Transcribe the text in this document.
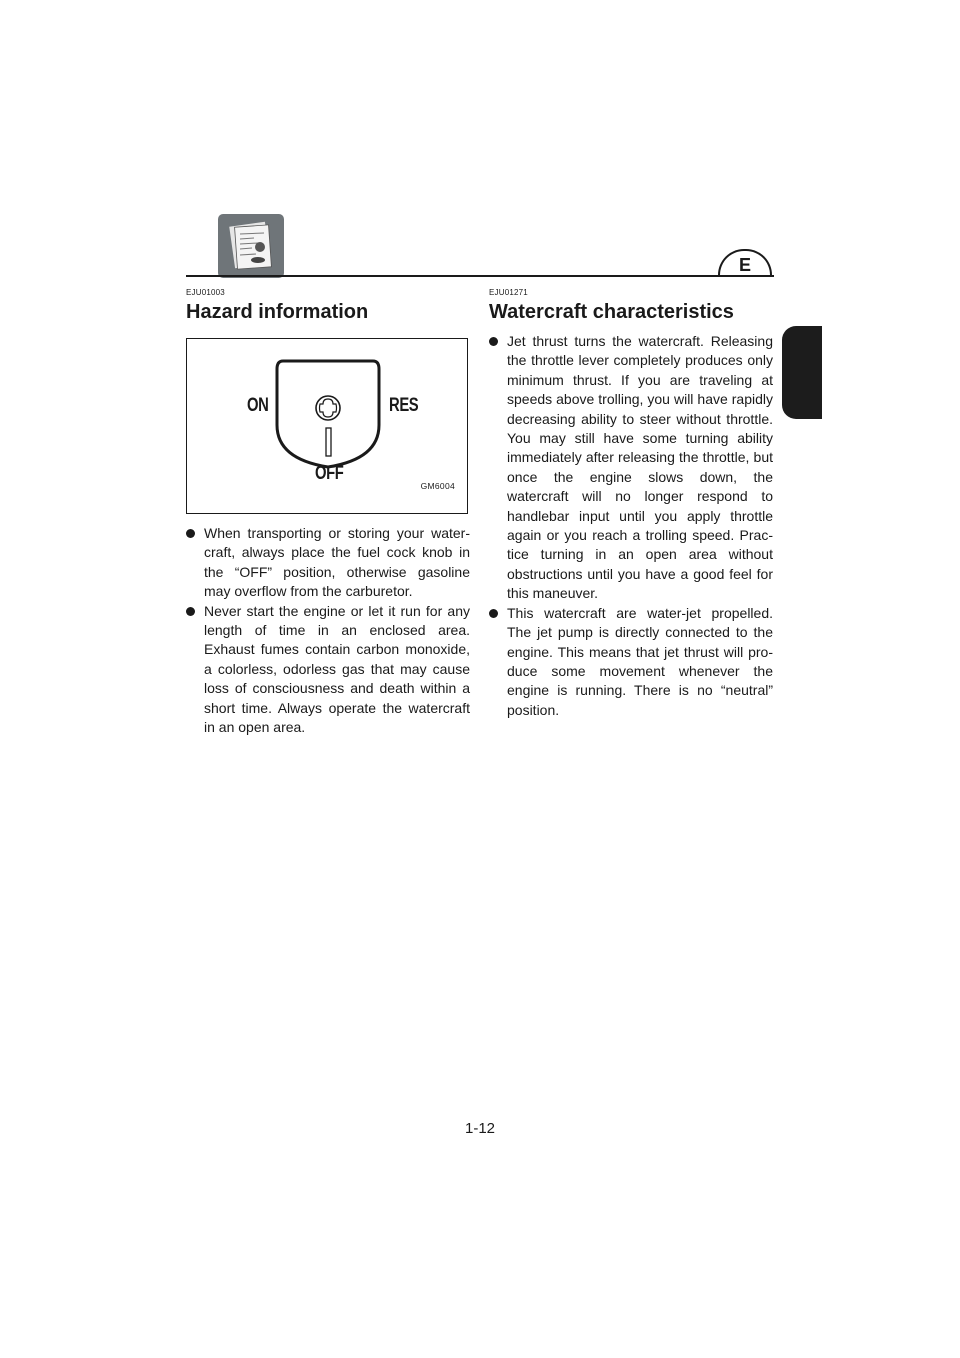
E

EJU01003

Hazard information
ON	RES
OFF
GM6004
When transporting or storing your water-craft, always place the fuel cock knob in the “OFF” position, otherwise gasoline may overflow from the carburetor.
Never start the engine or let it run for any length of time in an enclosed area. Exhaust fumes contain carbon monoxide, a colorless, odorless gas that may cause loss of consciousness and death within a short time. Always operate the watercraft in an open area.

EJU01271

Watercraft characteristics
Jet thrust turns the watercraft. Releasing the throttle lever completely produces only minimum thrust. If you are traveling at speeds above trolling, you will have rapidly decreasing ability to steer without throttle. You may still have some turning ability immediately after releasing the throttle, but once the engine slows down, the watercraft will no longer respond to handlebar input until you apply throttle again or you reach a trolling speed. Prac-tice turning in an open area without obstructions until you have a good feel for this maneuver.
This watercraft are water-jet propelled. The jet pump is directly connected to the engine. This means that jet thrust will pro-duce some movement whenever the engine is running. There is no “neutral” position.
1-12
